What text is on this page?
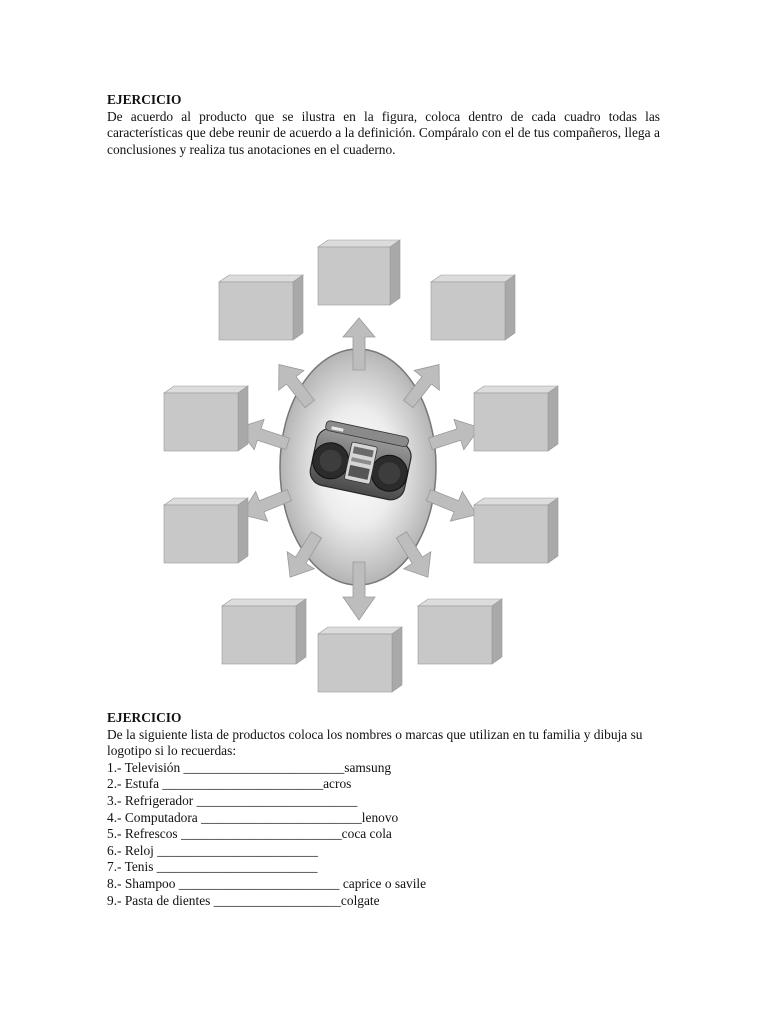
EJERCICIO
De acuerdo al producto que se ilustra en la figura, coloca dentro de cada cuadro todas las características que debe reunir de acuerdo a la definición. Compáralo con el de tus compañeros, llega a conclusiones y realiza tus anotaciones en el cuaderno.
EJERCICIO
De la siguiente lista de productos coloca los nombres o marcas que utilizan en tu familia y dibuja su logotipo si lo recuerdas:
1.- Televisión ________________________samsung
2.- Estufa ________________________acros
3.- Refrigerador ________________________
4.- Computadora ________________________lenovo
5.- Refrescos ________________________coca cola
6.- Reloj ________________________
7.- Tenis ________________________
8.- Shampoo ________________________ caprice o savile
9.- Pasta de dientes ___________________colgate
